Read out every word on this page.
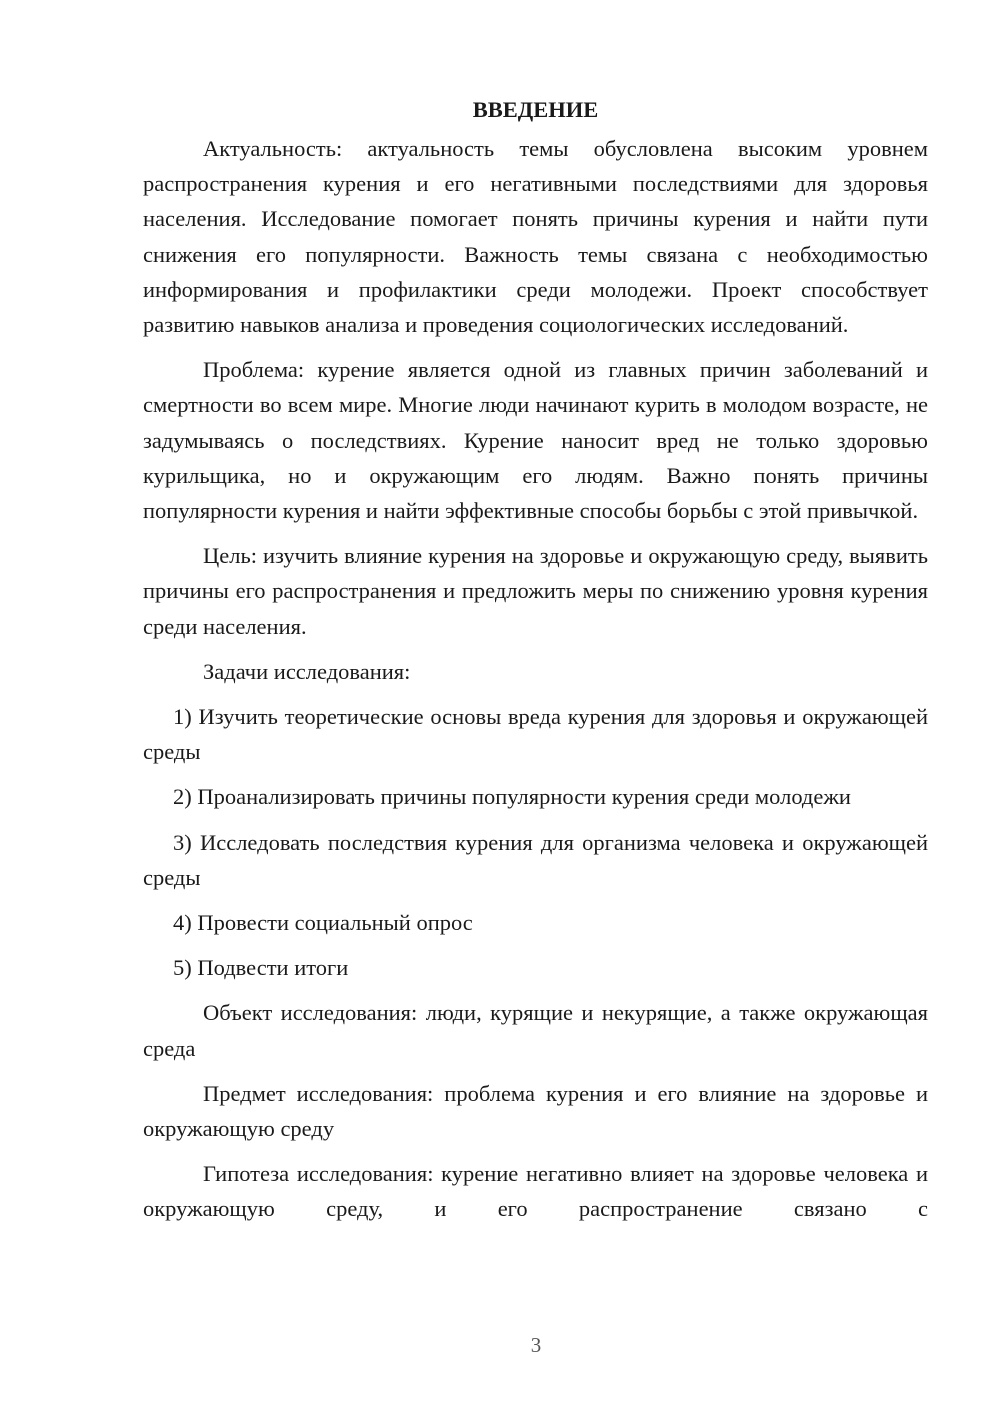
ВВЕДЕНИЕ

Актуальность: актуальность темы обусловлена высоким уровнем распространения курения и его негативными последствиями для здоровья населения. Исследование помогает понять причины курения и найти пути снижения его популярности. Важность темы связана с необходимостью информирования и профилактики среди молодежи. Проект способствует развитию навыков анализа и проведения социологических исследований.

Проблема: курение является одной из главных причин заболеваний и смертности во всем мире. Многие люди начинают курить в молодом возрасте, не задумываясь о последствиях. Курение наносит вред не только здоровью курильщика, но и окружающим его людям. Важно понять причины популярности курения и найти эффективные способы борьбы с этой привычкой.

Цель: изучить влияние курения на здоровье и окружающую среду, выявить причины его распространения и предложить меры по снижению уровня курения среди населения.

Задачи исследования:

1) Изучить теоретические основы вреда курения для здоровья и окружающей среды

2) Проанализировать причины популярности курения среди молодежи

3) Исследовать последствия курения для организма человека и окружающей среды

4) Провести социальный опрос

5) Подвести итоги

Объект исследования: люди, курящие и некурящие, а также окружающая среда

Предмет исследования: проблема курения и его влияние на здоровье и окружающую среду

Гипотеза исследования: курение негативно влияет на здоровье человека и окружающую среду, и его распространение связано с

3
